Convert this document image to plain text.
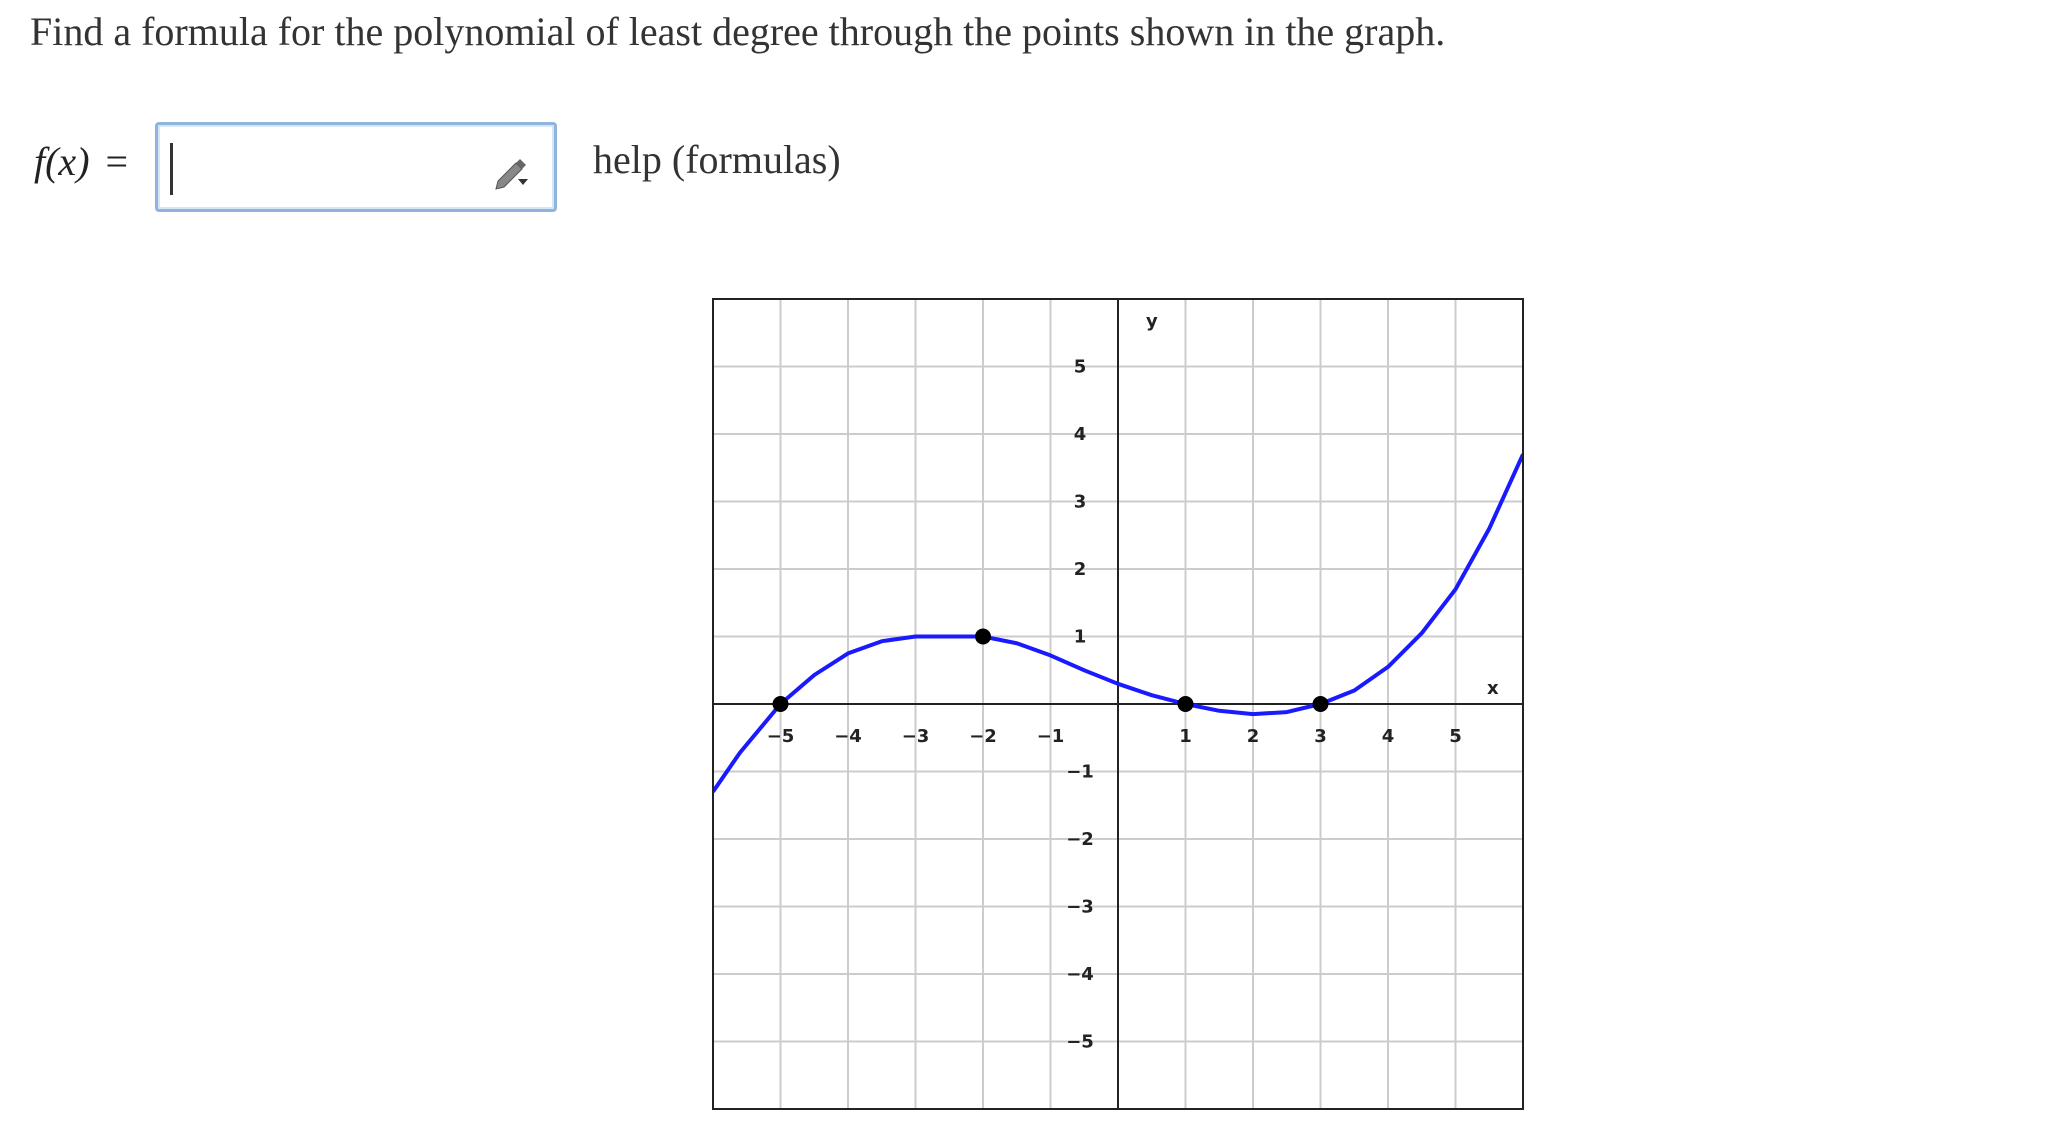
Find a formula for the polynomial of least degree through the points shown in the graph.
f(x) =	help (formulas)
−5 −4 −3 −2 −1	1	2	3	4	5
−5
−4
−3
−2
−1
1
2
3
4
5
y
x
